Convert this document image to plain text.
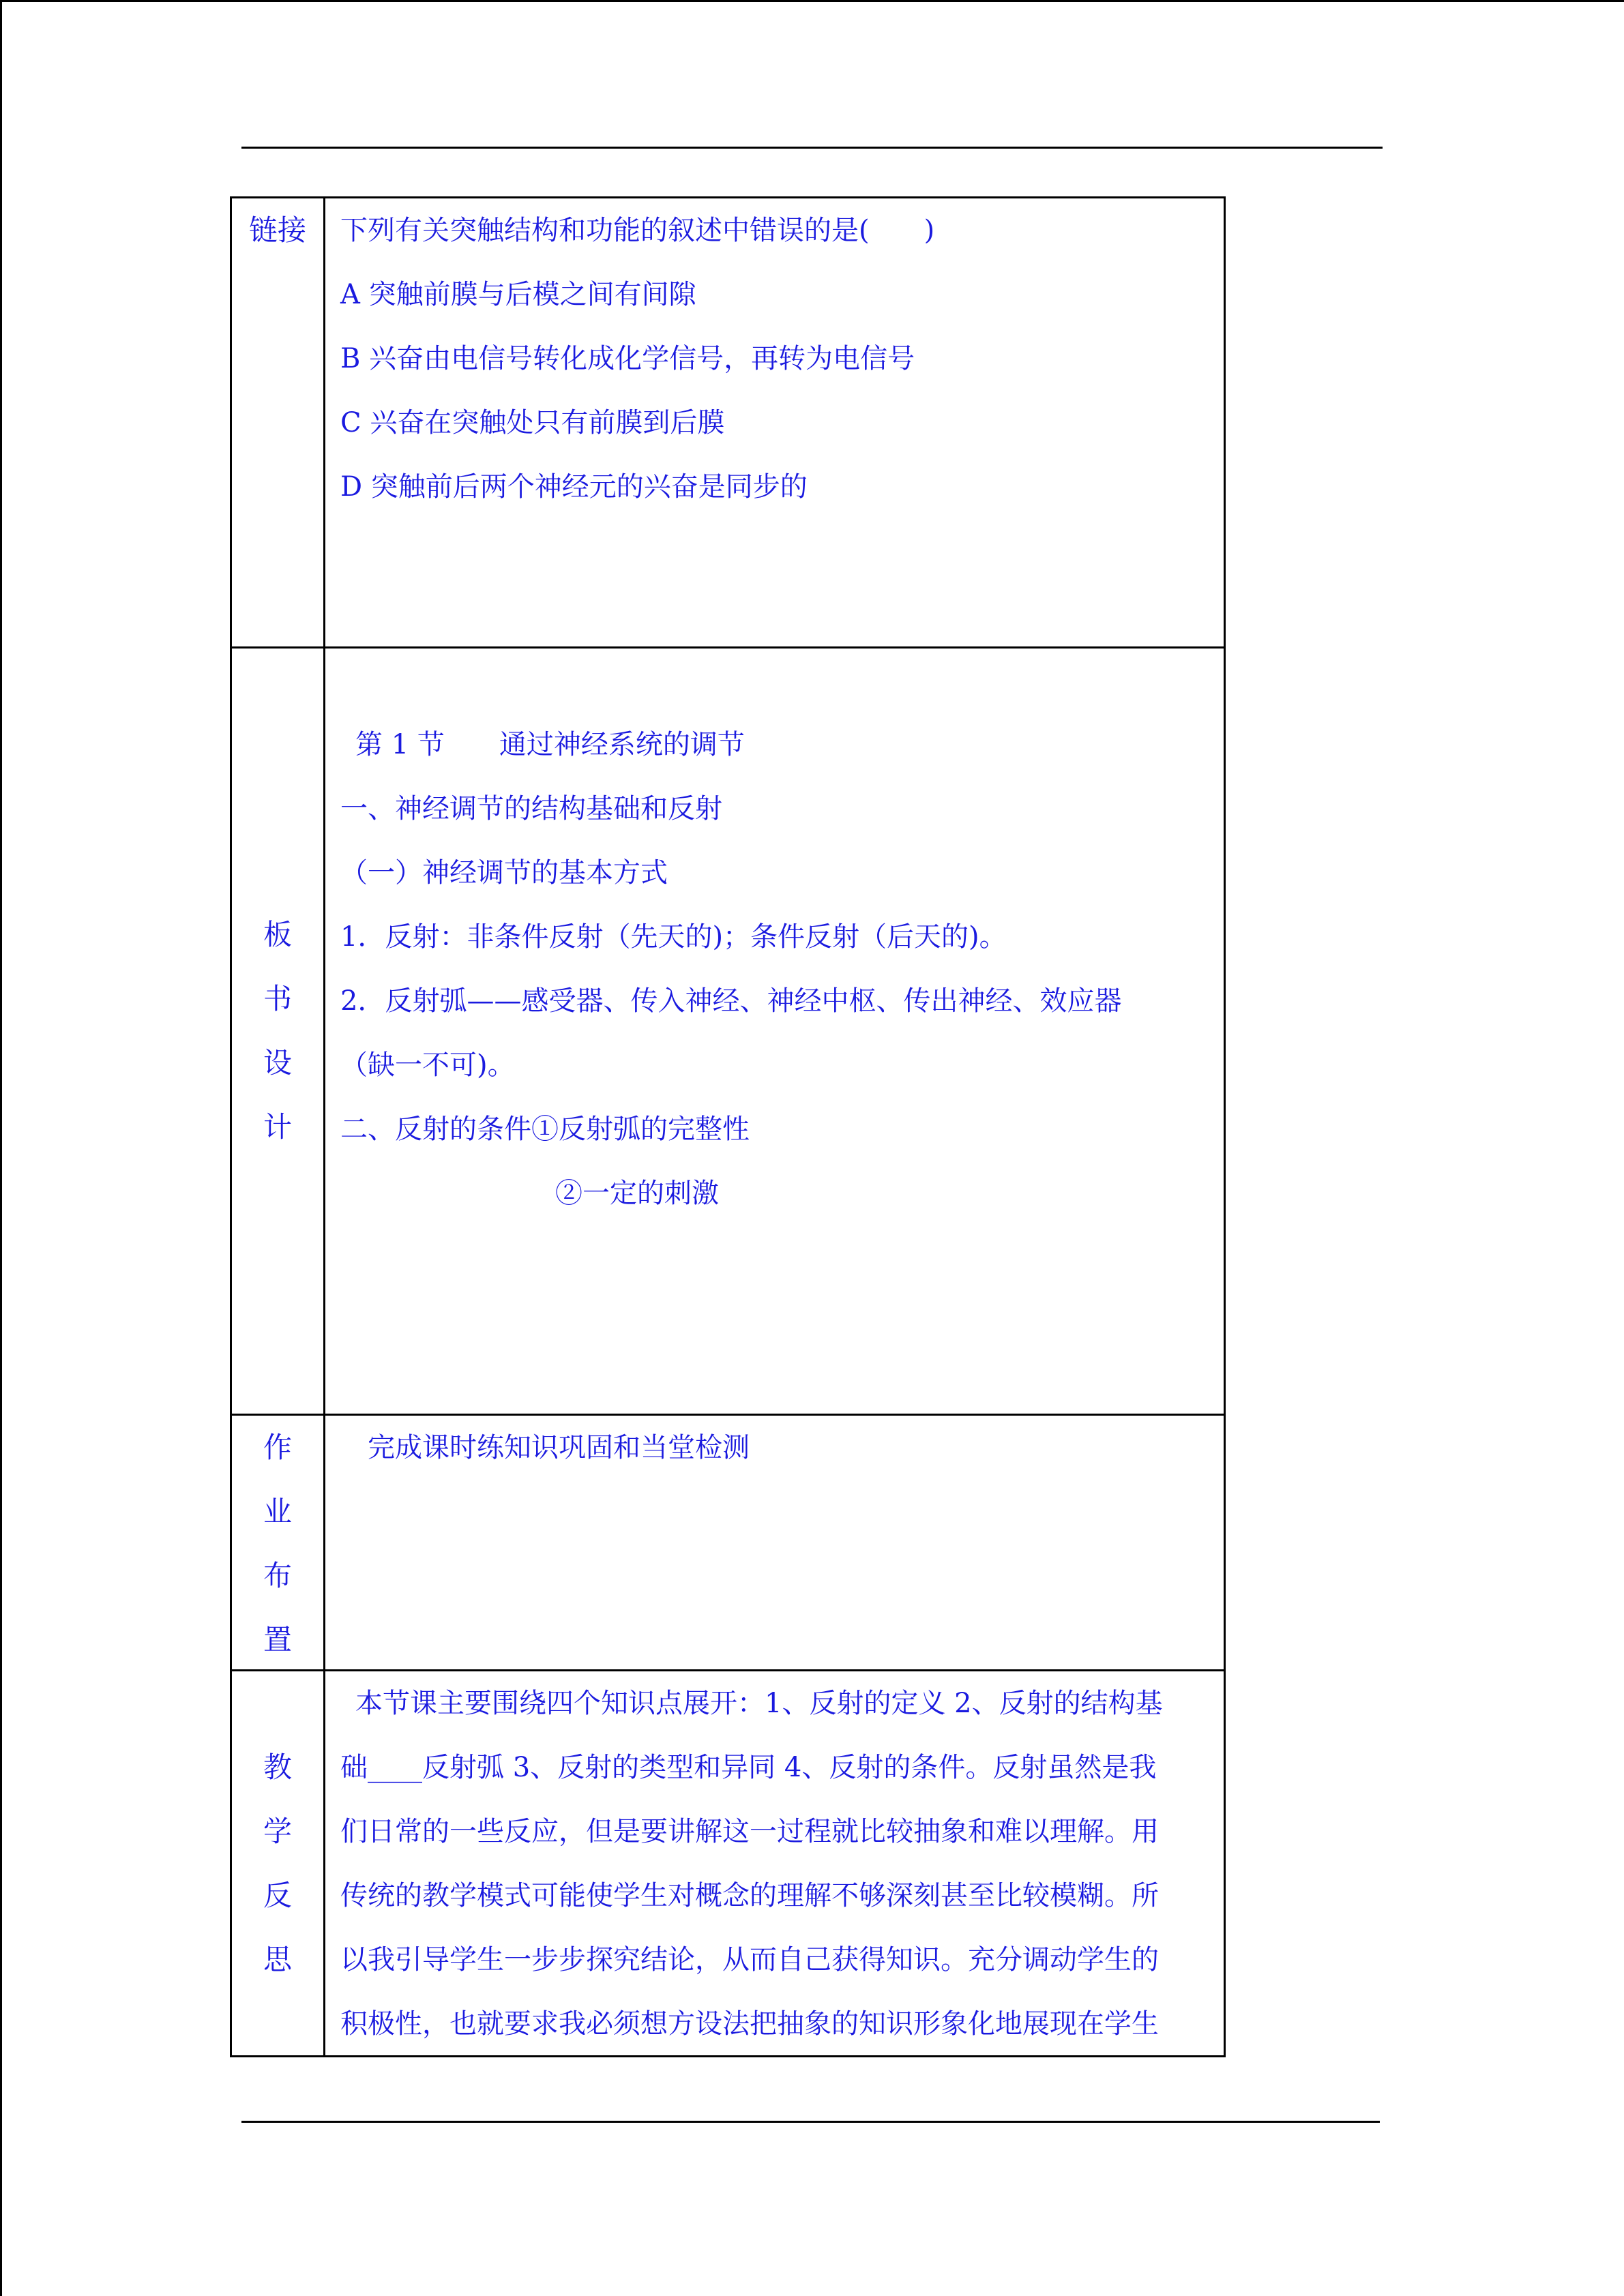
链接 下列有关突触结构和功能的叙述中错误的是(　　)
A 突触前膜与后模之间有间隙
B 兴奋由电信号转化成化学信号，再转为电信号
C 兴奋在突触处只有前膜到后膜
D 突触前后两个神经元的兴奋是同步的
板
书
设
计
第 1 节　　通过神经系统的调节
一、神经调节的结构基础和反射
（一）神经调节的基本方式
1．反射：非条件反射（先天的)；条件反射（后天的)。
2．反射弧——感受器、传入神经、神经中枢、传出神经、效应器
（缺一不可)。
二、反射的条件①反射弧的完整性
②一定的刺激
作
业
布
置
完成课时练知识巩固和当堂检测
教
学
反
思
本节课主要围绕四个知识点展开：1、反射的定义 2、反射的结构基
础____反射弧 3、反射的类型和异同 4、反射的条件。反射虽然是我
们日常的一些反应，但是要讲解这一过程就比较抽象和难以理解。用
传统的教学模式可能使学生对概念的理解不够深刻甚至比较模糊。所
以我引导学生一步步探究结论，从而自己获得知识。充分调动学生的
积极性，也就要求我必须想方设法把抽象的知识形象化地展现在学生
